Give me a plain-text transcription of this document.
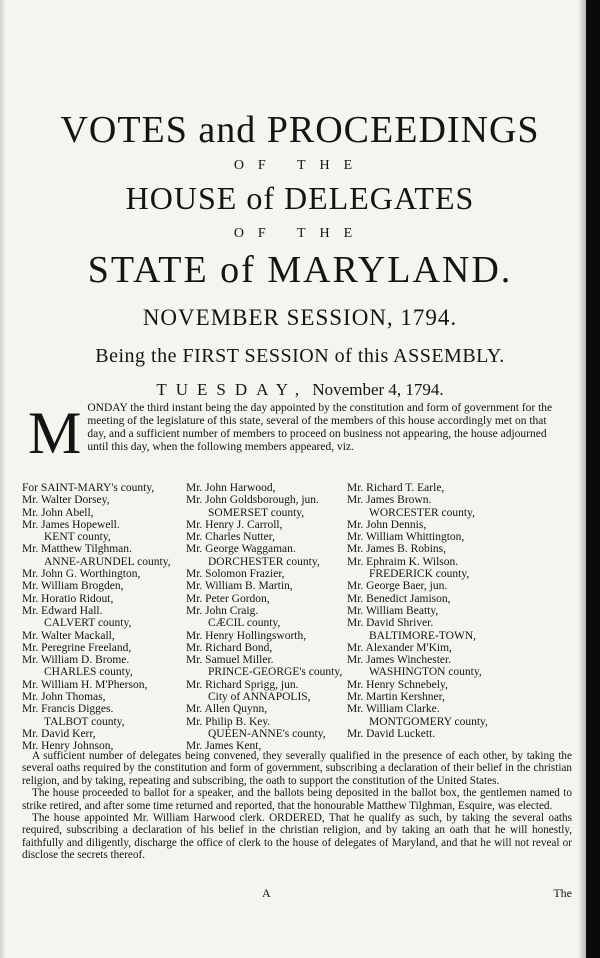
VOTES and PROCEEDINGS
OF THE
HOUSE of DELEGATES
OF THE
STATE of MARYLAND.
NOVEMBER SESSION, 1794.
Being the FIRST SESSION of this ASSEMBLY.
TUESDAY, November 4, 1794.
M ONDAY the third instant being the day appointed by the constitution and form of government for the meeting of the legislature of this state, several of the members of this house accordingly met on that day, and a sufficient number of members to proceed on business not appearing, the house adjourned until this day, when the following members appeared, viz.
For SAINT-MARY's county,
Mr. Walter Dorsey,
Mr. John Abell,
Mr. James Hopewell.
KENT county,
Mr. Matthew Tilghman.
ANNE-ARUNDEL county,
Mr. John G. Worthington,
Mr. William Brogden,
Mr. Horatio Ridout,
Mr. Edward Hall.
CALVERT county,
Mr. Walter Mackall,
Mr. Peregrine Freeland,
Mr. William D. Brome.
CHARLES county,
Mr. William H. M'Pherson,
Mr. John Thomas,
Mr. Francis Digges.
TALBOT county,
Mr. David Kerr,
Mr. Henry Johnson,
Mr. John Harwood,
Mr. John Goldsborough, jun.
SOMERSET county,
Mr. Henry J. Carroll,
Mr. Charles Nutter,
Mr. George Waggaman.
DORCHESTER county,
Mr. Solomon Frazier,
Mr. William B. Martin,
Mr. Peter Gordon,
Mr. John Craig.
CÆCIL county,
Mr. Henry Hollingsworth,
Mr. Richard Bond,
Mr. Samuel Miller.
PRINCE-GEORGE's county,
Mr. Richard Sprigg, jun.
City of ANNAPOLIS,
Mr. Allen Quynn,
Mr. Philip B. Key.
QUEEN-ANNE's county,
Mr. James Kent,
Mr. Richard T. Earle,
Mr. James Brown.
WORCESTER county,
Mr. John Dennis,
Mr. William Whittington,
Mr. James B. Robins,
Mr. Ephraim K. Wilson.
FREDERICK county,
Mr. George Baer, jun.
Mr. Benedict Jamison,
Mr. William Beatty,
Mr. David Shriver.
BALTIMORE-TOWN,
Mr. Alexander M'Kim,
Mr. James Winchester.
WASHINGTON county,
Mr. Henry Schnebely,
Mr. Martin Kershner,
Mr. William Clarke.
MONTGOMERY county,
Mr. David Luckett.

A sufficient number of delegates being convened, they severally qualified in the presence of each other, by taking the several oaths required by the constitution and form of government, subscribing a declaration of their belief in the christian religion, and by taking, repeating and subscribing, the oath to support the constitution of the United States.

The house proceeded to ballot for a speaker, and the ballots being deposited in the ballot box, the gentlemen named to strike retired, and after some time returned and reported, that the honourable Matthew Tilghman, Esquire, was elected.

The house appointed Mr. William Harwood clerk. ORDERED, That he qualify as such, by taking the several oaths required, subscribing a declaration of his belief in the christian religion, and by taking an oath that he will honestly, faithfully and diligently, discharge the office of clerk to the house of delegates of Maryland, and that he will not reveal or disclose the secrets thereof.

A	The
